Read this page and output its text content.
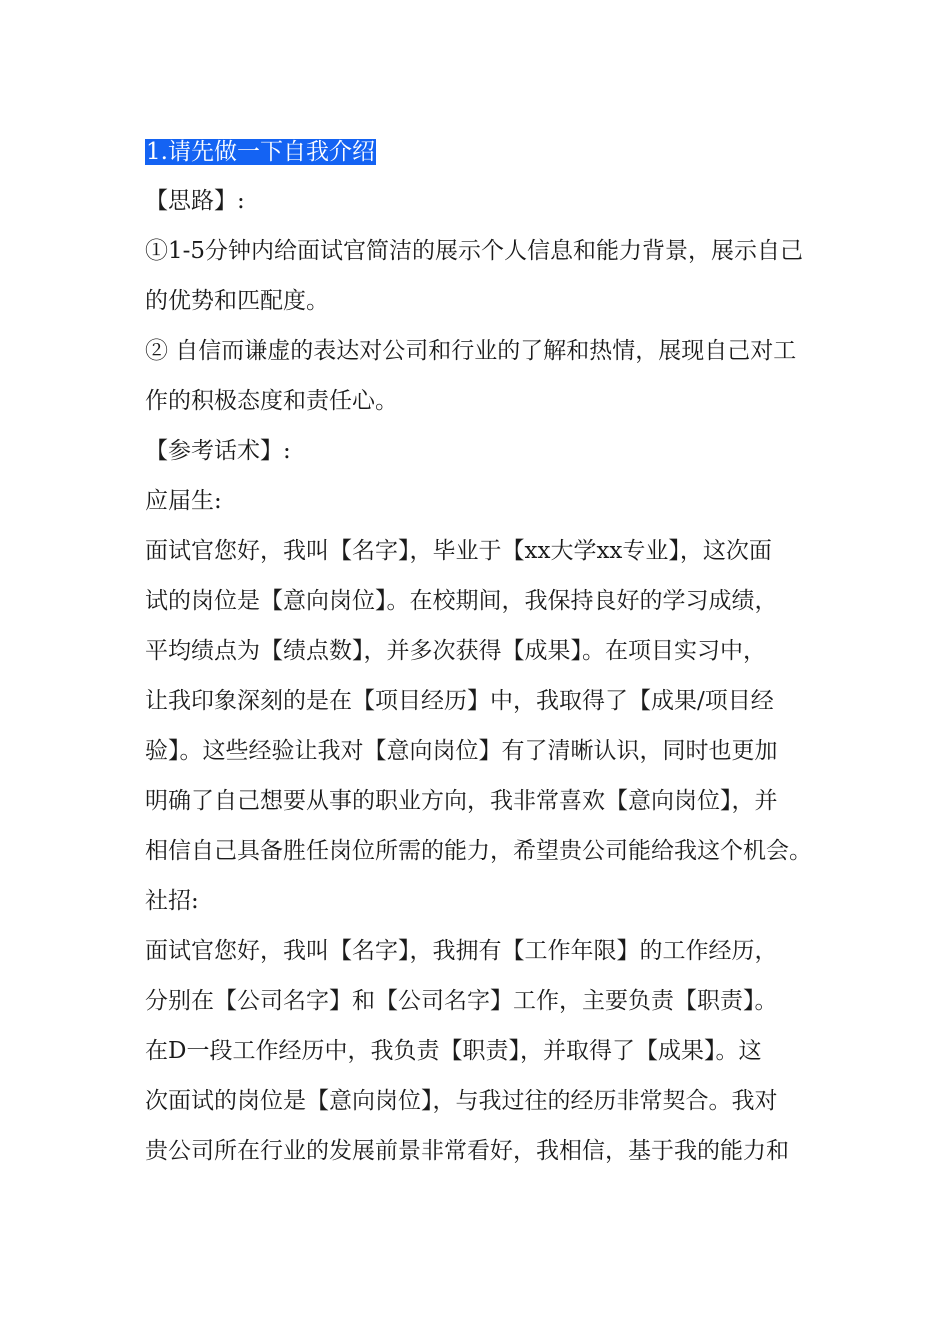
1.请先做一下自我介绍
【思路】:
①1-5分钟内给面试官简洁的展示个人信息和能力背景，展示自己
的优势和匹配度。
② 自信而谦虚的表达对公司和行业的了解和热情，展现自己对工
作的积极态度和责任心。
【参考话术】:
应届生:
面试官您好，我叫【名字】，毕业于【xx大学xx专业】，这次面
试的岗位是【意向岗位】。在校期间，我保持良好的学习成绩，
平均绩点为【绩点数】，并多次获得【成果】。在项目实习中，
让我印象深刻的是在【项目经历】中，我取得了【成果/项目经
验】。这些经验让我对【意向岗位】有了清晰认识，同时也更加
明确了自己想要从事的职业方向，我非常喜欢【意向岗位】，并
相信自己具备胜任岗位所需的能力，希望贵公司能给我这个机会。
社招:
面试官您好，我叫【名字】，我拥有【工作年限】的工作经历，
分别在【公司名字】和【公司名字】工作，主要负责【职责】。
在D一段工作经历中，我负责【职责】，并取得了【成果】。这
次面试的岗位是【意向岗位】，与我过往的经历非常契合。我对
贵公司所在行业的发展前景非常看好，我相信，基于我的能力和
